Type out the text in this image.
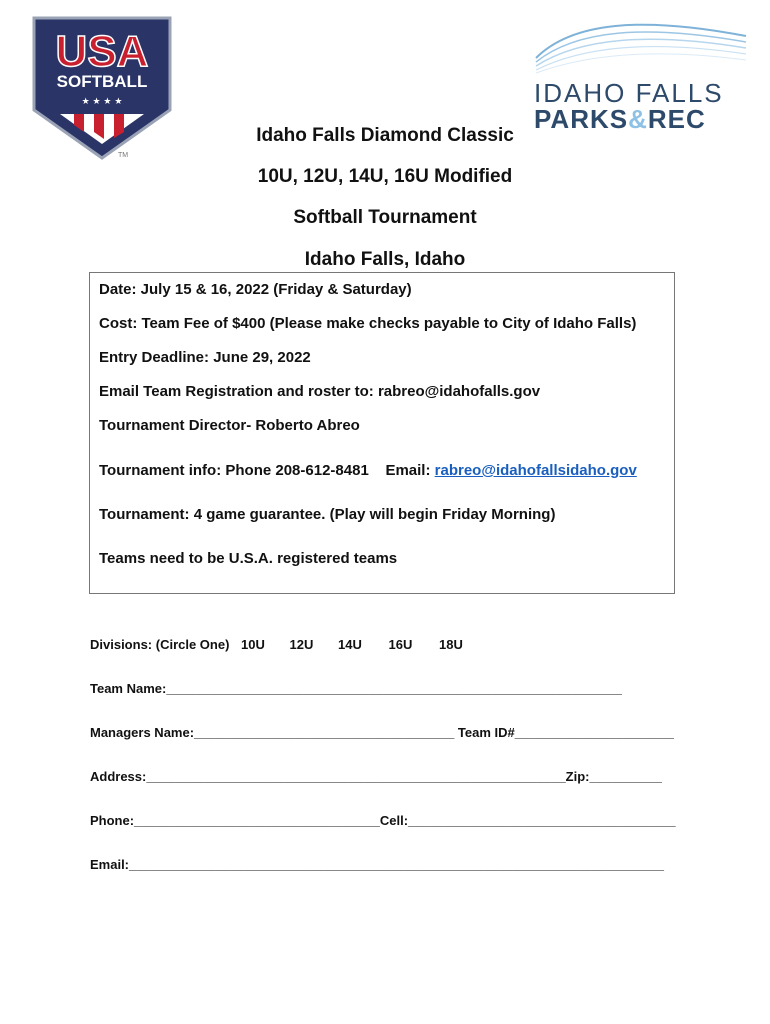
USA
SOFTBALL
★ ★ ★ ★
TM
IDAHO FALLS
PARKS&REC
Idaho Falls Diamond Classic
10U, 12U, 14U, 16U Modified
Softball Tournament
Idaho Falls, Idaho
Date: July 15 & 16, 2022 (Friday & Saturday)
Cost: Team Fee of $400 (Please make checks payable to City of Idaho Falls)
Entry Deadline: June 29, 2022
Email Team Registration and roster to: rabreo@idahofalls.gov
Tournament Director- Roberto Abreo
Tournament info: Phone 208-612-8481    Email: rabreo@idahofallsidaho.gov
Tournament: 4 game guarantee. (Play will begin Friday Morning)
Teams need to be U.S.A. registered teams
Divisions: (Circle One) 10U 12U 14U 16U 18U
Team Name:_______________________________________________________________
Managers Name:____________________________________ Team ID#______________________
Address:__________________________________________________________Zip:__________
Phone:__________________________________Cell:_____________________________________
Email:__________________________________________________________________________
